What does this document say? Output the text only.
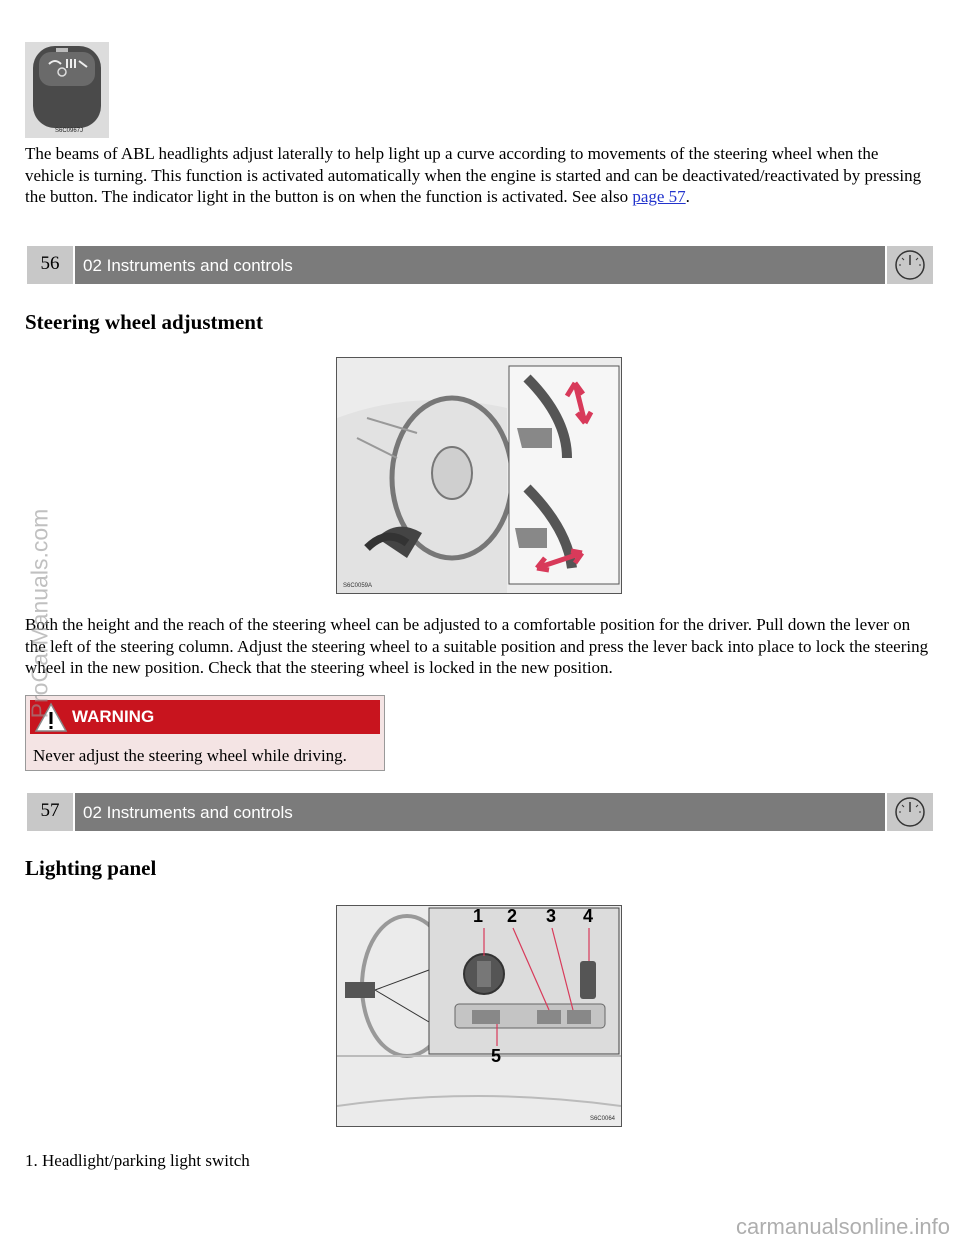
S6C0967J

The beams of ABL headlights adjust laterally to help light up a curve according to movements of the steering wheel when the vehicle is turning. This function is activated automatically when the engine is started and can be deactivated/reactivated by pressing the button. The indicator light in the button is on when the function is activated. See also page 57.

56	02 Instruments and controls
Steering wheel adjustment
S6C0059A

Both the height and the reach of the steering wheel can be adjusted to a comfortable position for the driver. Pull down the lever on the left of the steering column. Adjust the steering wheel to a suitable position and press the lever back into place to lock the steering wheel in the new position. Check that the steering wheel is locked in the new position.

WARNING
Never adjust the steering wheel while driving.
57	02 Instruments and controls
Lighting panel
1 2 3 4
5
S6C0064

1. Headlight/parking light switch

ProCarManuals.com
carmanualsonline.info
